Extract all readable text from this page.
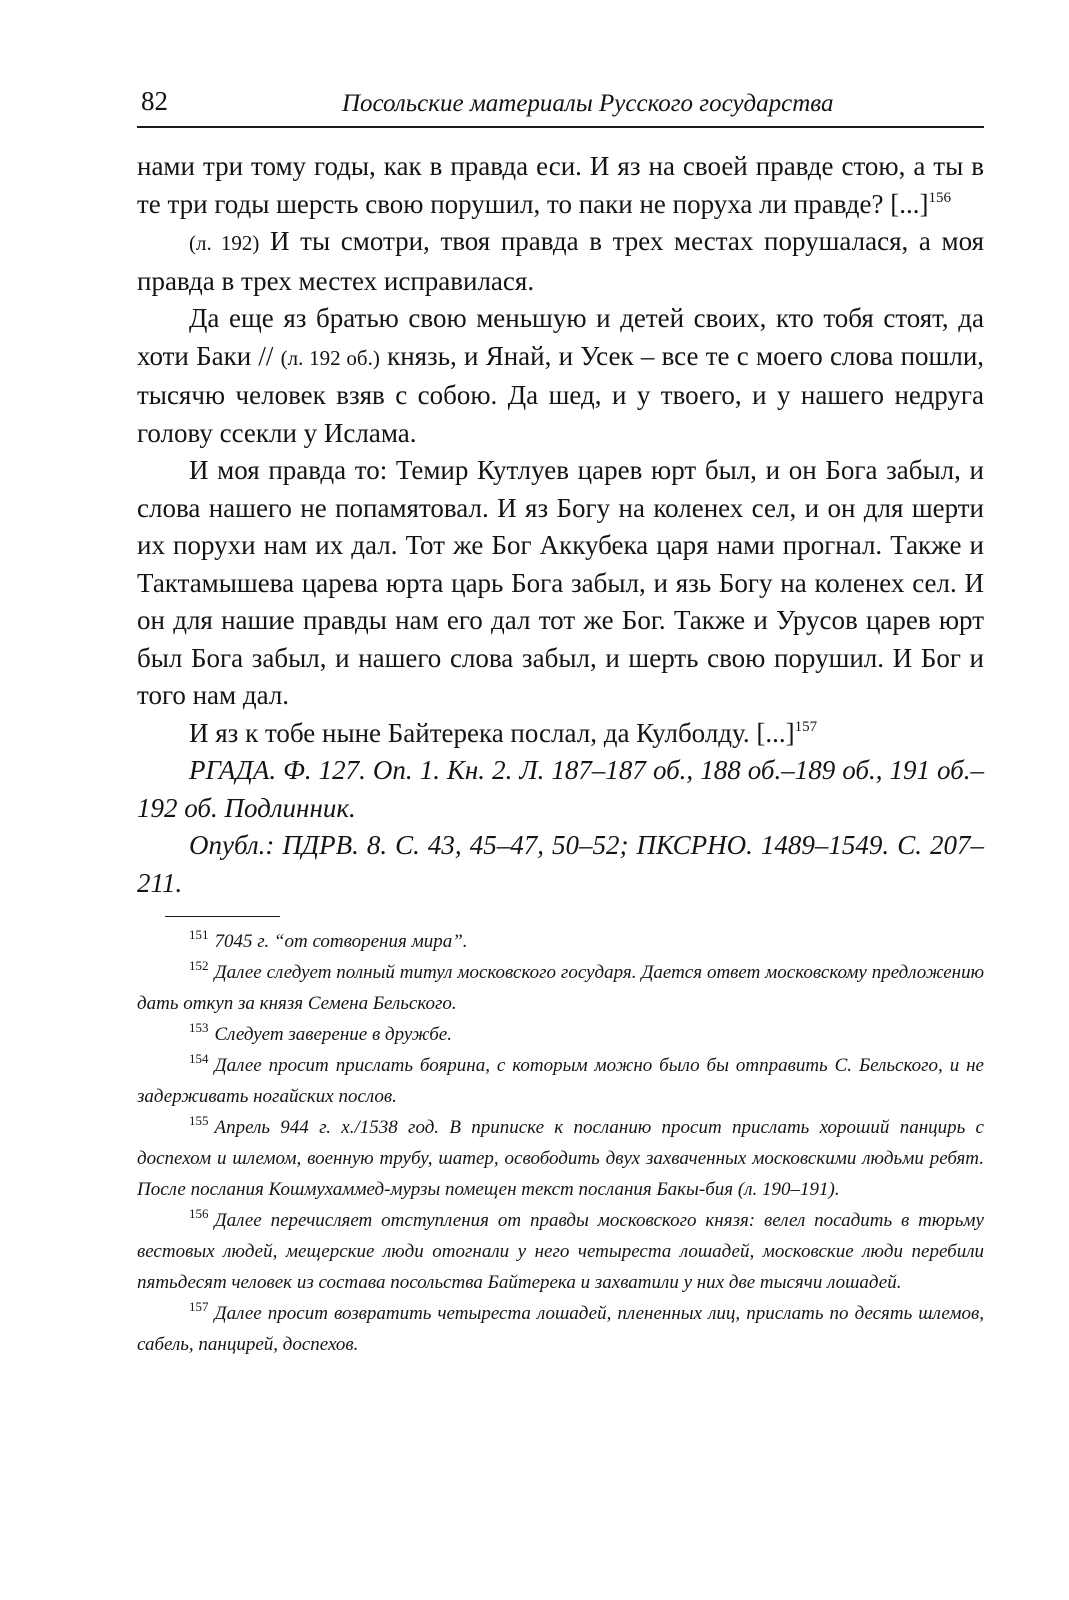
82	Посольские материалы Русского государства

нами три тому годы, как в правда еси. И яз на своей правде стою, а ты в те три годы шерсть свою порушил, то паки не поруха ли правде? [...]$^{156}$

(л. 192) И ты смотри, твоя правда в трех местах порушалася, а моя правда в трех местех исправилася.

Да еще яз братью свою меньшую и детей своих, кто тобя стоят, да хоти Баки // (л. 192 об.) князь, и Янай, и Усек – все те с моего слова пошли, тысячю человек взяв с собою. Да шед, и у твоего, и у нашего недруга голову ссекли у Ислама.

И моя правда то: Темир Кутлуев царев юрт был, и он Бога забыл, и слова нашего не попамятовал. И яз Богу на коленех сел, и он для шерти их порухи нам их дал. Тот же Бог Аккубека царя нами прогнал. Также и Тактамышева царева юрта царь Бога забыл, и язь Богу на коленех сел. И он для нашие правды нам его дал тот же Бог. Также и Урусов царев юрт был Бога забыл, и нашего слова забыл, и шерть свою порушил. И Бог и того нам дал.

И яз к тобе ныне Байтерека послал, да Кулболду. [...]$^{157}$

РГАДА. Ф. 127. Оп. 1. Кн. 2. Л. 187–187 об., 188 об.–189 об., 191 об.–192 об. Подлинник.

Опубл.: ПДРВ. 8. С. 43, 45–47, 50–52; ПКСРНО. 1489–1549. С. 207–211.

$^{151}$ 7045 г. “от сотворения мира”.

$^{152}$ Далее следует полный титул московского государя. Дается ответ московскому предложению дать откуп за князя Семена Бельского.

$^{153}$ Следует заверение в дружбе.

$^{154}$ Далее просит прислать боярина, с которым можно было бы отправить С. Бельского, и не задерживать ногайских послов.

$^{155}$ Апрель 944 г. х./1538 год. В приписке к посланию просит прислать хороший панцирь с доспехом и шлемом, военную трубу, шатер, освободить двух захваченных московскими людьми ребят. После послания Кошмухаммед-мурзы помещен текст послания Бакы-бия (л. 190–191).

$^{156}$ Далее перечисляет отступления от правды московского князя: велел посадить в тюрьму вестовых людей, мещерские люди отогнали у него четыреста лошадей, московские люди перебили пятьдесят человек из состава посольства Байтерека и захватили у них две тысячи лошадей.

$^{157}$ Далее просит возвратить четыреста лошадей, плененных лиц, прислать по десять шлемов, сабель, панцирей, доспехов.
